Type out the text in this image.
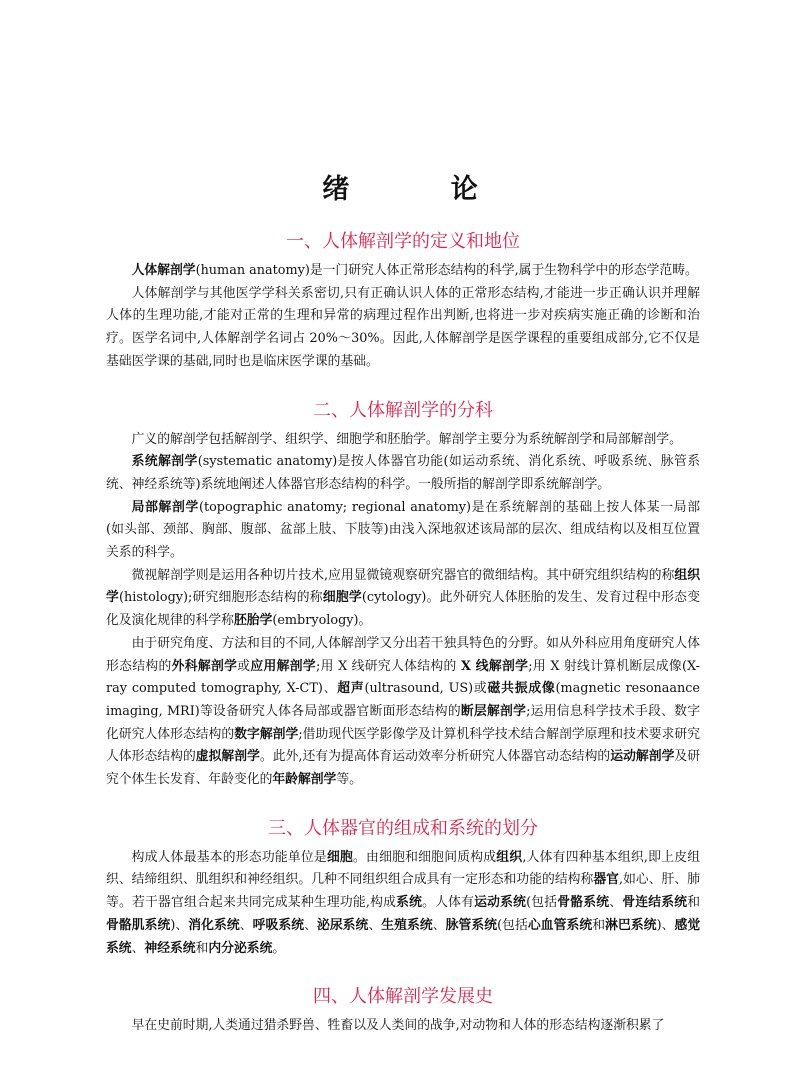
绪 论
一、人体解剖学的定义和地位

人体解剖学(human anatomy)是一门研究人体正常形态结构的科学,属于生物科学中的形态学范畴。

人体解剖学与其他医学学科关系密切,只有正确认识人体的正常形态结构,才能进一步正确认识并理解人体的生理功能,才能对正常的生理和异常的病理过程作出判断,也将进一步对疾病实施正确的诊断和治疗。医学名词中,人体解剖学名词占 20%～30%。因此,人体解剖学是医学课程的重要组成部分,它不仅是基础医学课的基础,同时也是临床医学课的基础。

二、人体解剖学的分科

广义的解剖学包括解剖学、组织学、细胞学和胚胎学。解剖学主要分为系统解剖学和局部解剖学。

系统解剖学(systematic anatomy)是按人体器官功能(如运动系统、消化系统、呼吸系统、脉管系统、神经系统等)系统地阐述人体器官形态结构的科学。一般所指的解剖学即系统解剖学。

局部解剖学(topographic anatomy; regional anatomy)是在系统解剖的基础上按人体某一局部(如头部、颈部、胸部、腹部、盆部上肢、下肢等)由浅入深地叙述该局部的层次、组成结构以及相互位置关系的科学。

微视解剖学则是运用各种切片技术,应用显微镜观察研究器官的微细结构。其中研究组织结构的称组织学(histology);研究细胞形态结构的称细胞学(cytology)。此外研究人体胚胎的发生、发育过程中形态变化及演化规律的科学称胚胎学(embryology)。

由于研究角度、方法和目的不同,人体解剖学又分出若干独具特色的分野。如从外科应用角度研究人体形态结构的外科解剖学或应用解剖学;用 X 线研究人体结构的 X 线解剖学;用 X 射线计算机断层成像(X-ray computed tomography, X-CT)、超声(ultrasound, US)或磁共振成像(magnetic resonaance imaging, MRI)等设备研究人体各局部或器官断面形态结构的断层解剖学;运用信息科学技术手段、数字化研究人体形态结构的数字解剖学;借助现代医学影像学及计算机科学技术结合解剖学原理和技术要求研究人体形态结构的虚拟解剖学。此外,还有为提高体育运动效率分析研究人体器官动态结构的运动解剖学及研究个体生长发育、年龄变化的年龄解剖学等。

三、人体器官的组成和系统的划分

构成人体最基本的形态功能单位是细胞。由细胞和细胞间质构成组织,人体有四种基本组织,即上皮组织、结缔组织、肌组织和神经组织。几种不同组织组合成具有一定形态和功能的结构称器官,如心、肝、肺等。若干器官组合起来共同完成某种生理功能,构成系统。人体有运动系统(包括骨骼系统、骨连结系统和骨骼肌系统)、消化系统、呼吸系统、泌尿系统、生殖系统、脉管系统(包括心血管系统和淋巴系统)、感觉系统、神经系统和内分泌系统。

四、人体解剖学发展史

早在史前时期,人类通过猎杀野兽、牲畜以及人类间的战争,对动物和人体的形态结构逐渐积累了
